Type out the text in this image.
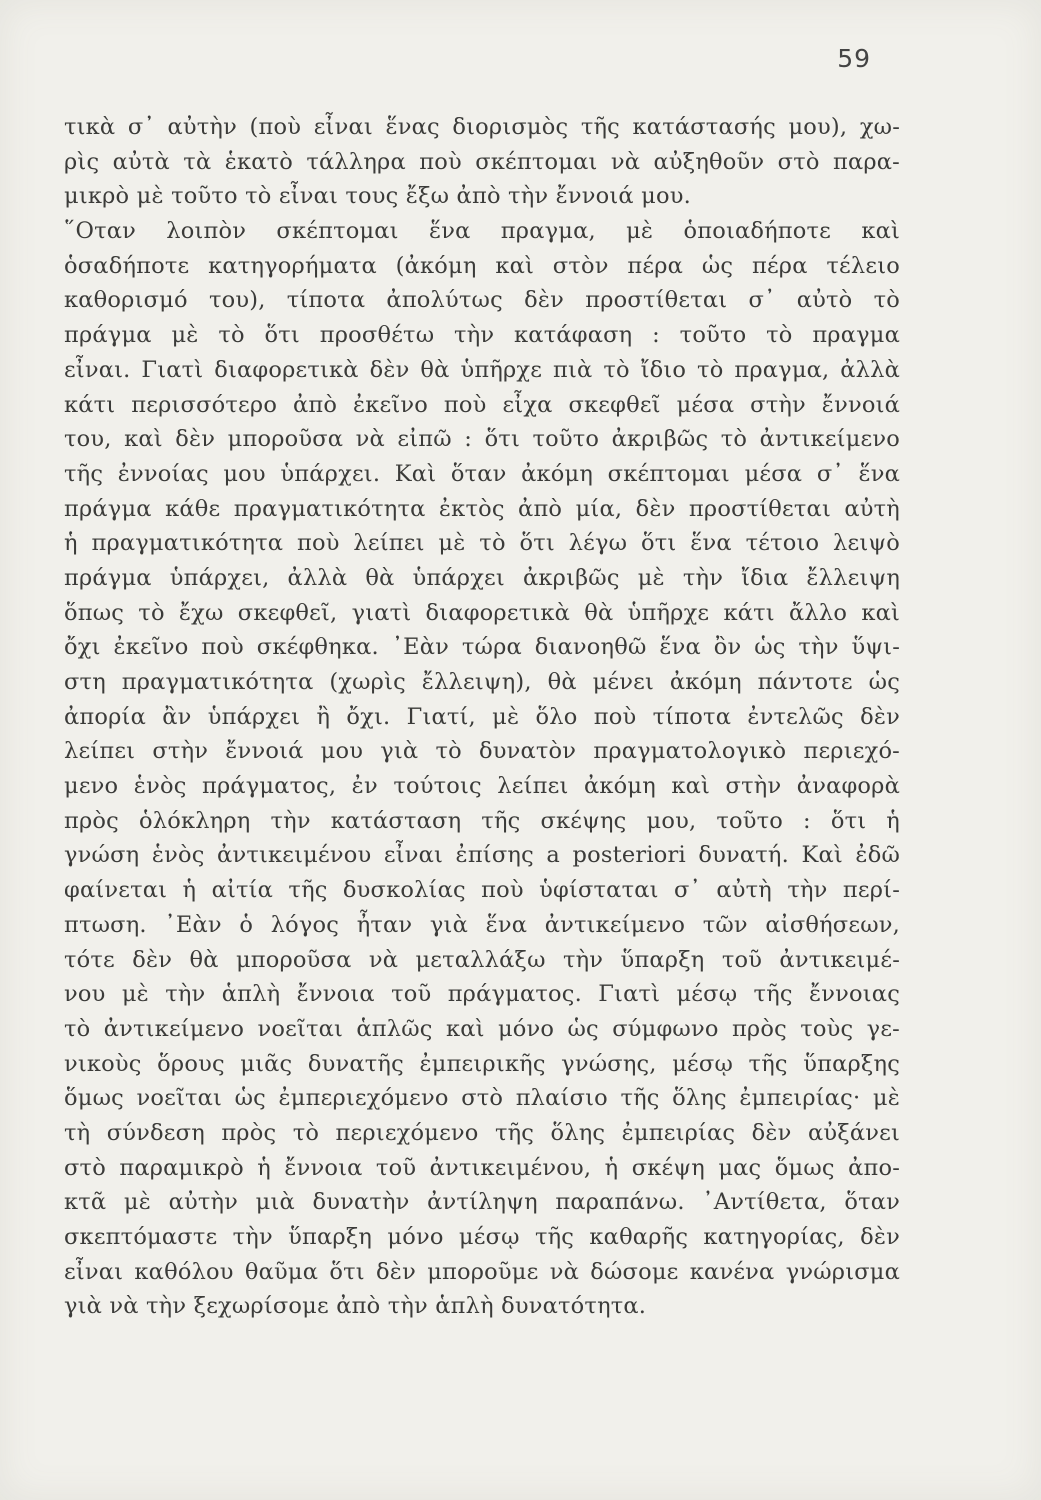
59
τικὰ σ᾽ αὐτὴν (ποὺ εἶναι ἕνας διορισμὸς τῆς κατάστασής μου), χω-
ρὶς αὐτὰ τὰ ἑκατὸ τάλληρα ποὺ σκέπτομαι νὰ αὐξηθοῦν στὸ παρα-
μικρὸ μὲ τοῦτο τὸ εἶναι τους ἔξω ἀπὸ τὴν ἔννοιά μου.
῞Οταν λοιπὸν σκέπτομαι ἕνα πραγμα, μὲ ὁποιαδήποτε καὶ
ὁσαδήποτε κατηγορήματα (ἀκόμη καὶ στὸν πέρα ὡς πέρα τέλειο
καθορισμό του), τίποτα ἀπολύτως δὲν προστίθεται σ᾽ αὐτὸ τὸ
πράγμα μὲ τὸ ὅτι προσθέτω τὴν κατάφαση : τοῦτο τὸ πραγμα
εἶναι. Γιατὶ διαφορετικὰ δὲν θὰ ὑπῆρχε πιὰ τὸ ἴδιο τὸ πραγμα, ἀλλὰ
κάτι περισσότερο ἀπὸ ἐκεῖνο ποὺ εἶχα σκεφθεῖ μέσα στὴν ἔννοιά
του, καὶ δὲν μποροῦσα νὰ εἰπῶ : ὅτι τοῦτο ἀκριβῶς τὸ ἀντικείμενο
τῆς ἐννοίας μου ὑπάρχει. Καὶ ὅταν ἀκόμη σκέπτομαι μέσα σ᾽ ἕνα
πράγμα κάθε πραγματικότητα ἐκτὸς ἀπὸ μία, δὲν προστίθεται αὐτὴ
ἡ πραγματικότητα ποὺ λείπει μὲ τὸ ὅτι λέγω ὅτι ἕνα τέτοιο λειψὸ
πράγμα ὑπάρχει, ἀλλὰ θὰ ὑπάρχει ἀκριβῶς μὲ τὴν ἴδια ἔλλειψη
ὅπως τὸ ἔχω σκεφθεῖ, γιατὶ διαφορετικὰ θὰ ὑπῆρχε κάτι ἄλλο καὶ
ὄχι ἐκεῖνο ποὺ σκέφθηκα. ᾽Εὰν τώρα διανοηθῶ ἕνα ὂν ὡς τὴν ὕψι-
στη πραγματικότητα (χωρὶς ἔλλειψη), θὰ μένει ἀκόμη πάντοτε ὡς
ἀπορία ἂν ὑπάρχει ἢ ὄχι. Γιατί, μὲ ὅλο ποὺ τίποτα ἐντελῶς δὲν
λείπει στὴν ἔννοιά μου γιὰ τὸ δυνατὸν πραγματολογικὸ περιεχό-
μενο ἑνὸς πράγματος, ἐν τούτοις λείπει ἀκόμη καὶ στὴν ἀναφορὰ
πρὸς ὁλόκληρη τὴν κατάσταση τῆς σκέψης μου, τοῦτο : ὅτι ἡ
γνώση ἑνὸς ἀντικειμένου εἶναι ἐπίσης a posteriori δυνατή. Καὶ ἐδῶ
φαίνεται ἡ αἰτία τῆς δυσκολίας ποὺ ὑφίσταται σ᾽ αὐτὴ τὴν περί-
πτωση. ᾽Εὰν ὁ λόγος ἦταν γιὰ ἕνα ἀντικείμενο τῶν αἰσθήσεων,
τότε δὲν θὰ μποροῦσα νὰ μεταλλάξω τὴν ὕπαρξη τοῦ ἀντικειμέ-
νου μὲ τὴν ἁπλὴ ἔννοια τοῦ πράγματος. Γιατὶ μέσῳ τῆς ἔννοιας
τὸ ἀντικείμενο νοεῖται ἁπλῶς καὶ μόνο ὡς σύμφωνο πρὸς τοὺς γε-
νικοὺς ὅρους μιᾶς δυνατῆς ἐμπειρικῆς γνώσης, μέσῳ τῆς ὕπαρξης
ὅμως νοεῖται ὡς ἐμπεριεχόμενο στὸ πλαίσιο τῆς ὅλης ἐμπειρίας· μὲ
τὴ σύνδεση πρὸς τὸ περιεχόμενο τῆς ὅλης ἐμπειρίας δὲν αὐξάνει
στὸ παραμικρὸ ἡ ἔννοια τοῦ ἀντικειμένου, ἡ σκέψη μας ὅμως ἀπο-
κτᾶ μὲ αὐτὴν μιὰ δυνατὴν ἀντίληψη παραπάνω. ᾽Αντίθετα, ὅταν
σκεπτόμαστε τὴν ὕπαρξη μόνο μέσῳ τῆς καθαρῆς κατηγορίας, δὲν
εἶναι καθόλου θαῦμα ὅτι δὲν μποροῦμε νὰ δώσομε κανένα γνώρισμα
γιὰ νὰ τὴν ξεχωρίσομε ἀπὸ τὴν ἁπλὴ δυνατότητα.
